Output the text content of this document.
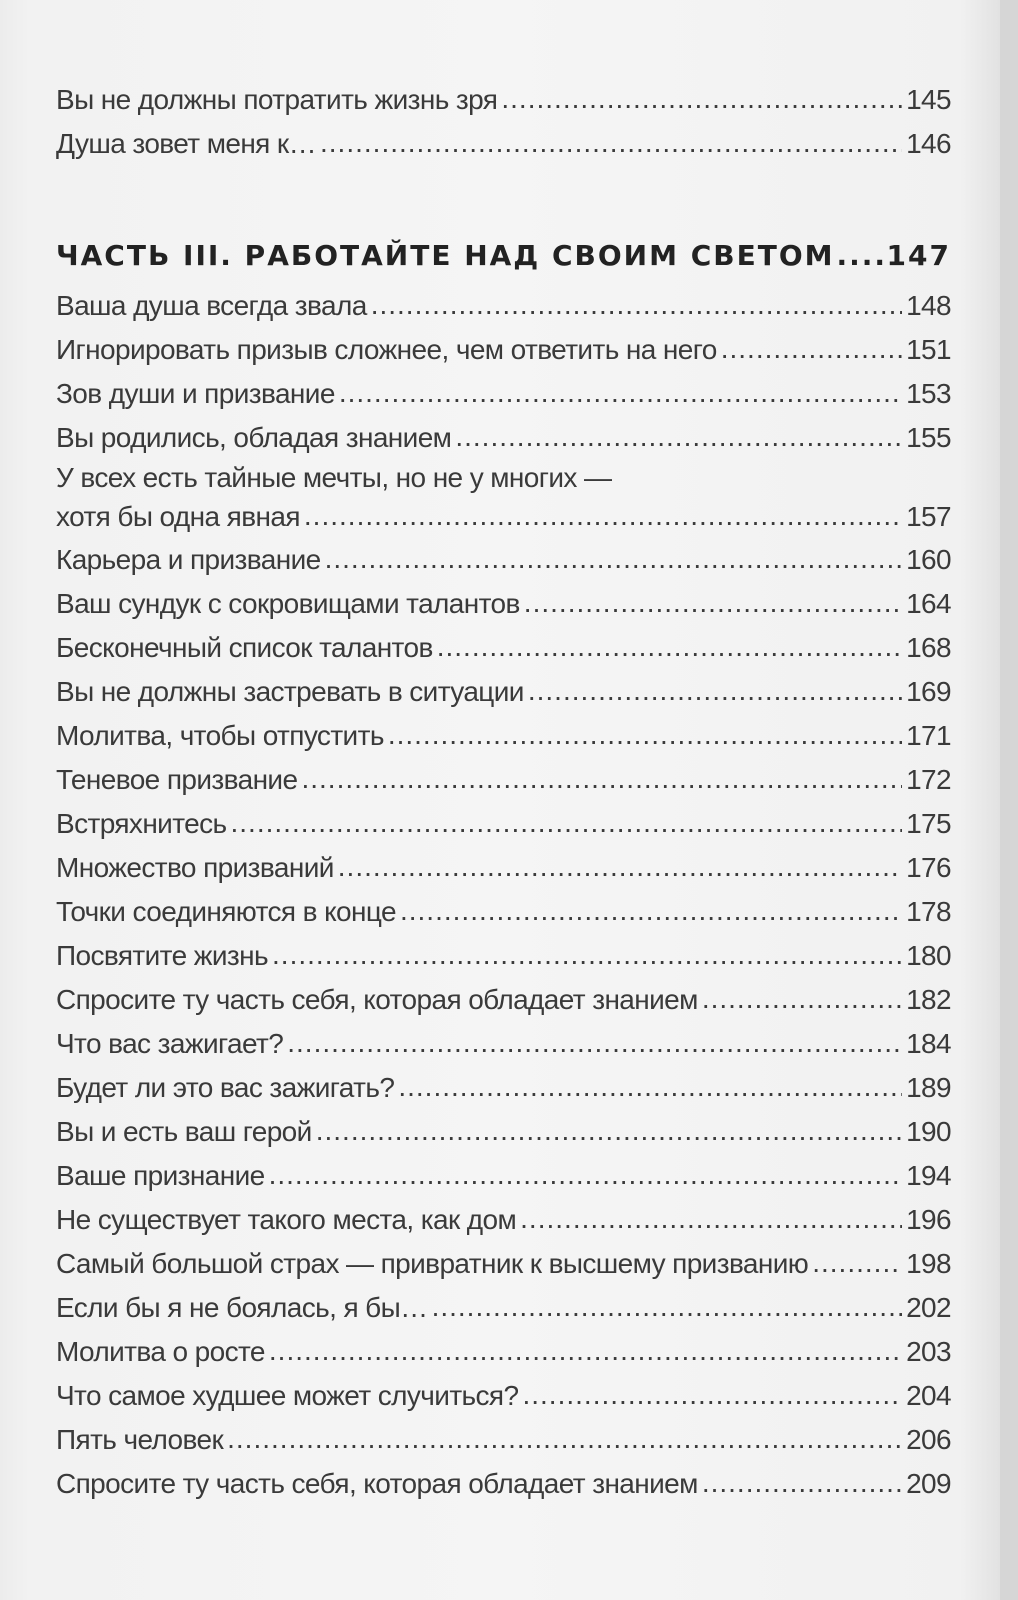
Вы не должны потратить жизнь зря .....	145
Душа зовет меня к… .....	146
ЧАСТЬ III. РАБОТАЙТЕ НАД СВОИМ СВЕТОМ ..... 147
Ваша душа всегда звала .....	148
Игнорировать призыв сложнее, чем ответить на него .....	151
Зов души и призвание .....	153
Вы родились, обладая знанием .....	155
У всех есть тайные мечты, но не у многих —
хотя бы одна явная .....	157
Карьера и призвание .....	160
Ваш сундук с сокровищами талантов .....	164
Бесконечный список талантов .....	168
Вы не должны застревать в ситуации .....	169
Молитва, чтобы отпустить .....	171
Теневое призвание .....	172
Встряхнитесь .....	175
Множество призваний .....	176
Точки соединяются в конце .....	178
Посвятите жизнь .....	180
Спросите ту часть себя, которая обладает знанием .....	182
Что вас зажигает? .....	184
Будет ли это вас зажигать? .....	189
Вы и есть ваш герой .....	190
Ваше признание .....	194
Не существует такого места, как дом .....	196
Самый большой страх — привратник к высшему призванию .....	198
Если бы я не боялась, я бы… .....	202
Молитва о росте .....	203
Что самое худшее может случиться? .....	204
Пять человек .....	206
Спросите ту часть себя, которая обладает знанием .....	209
